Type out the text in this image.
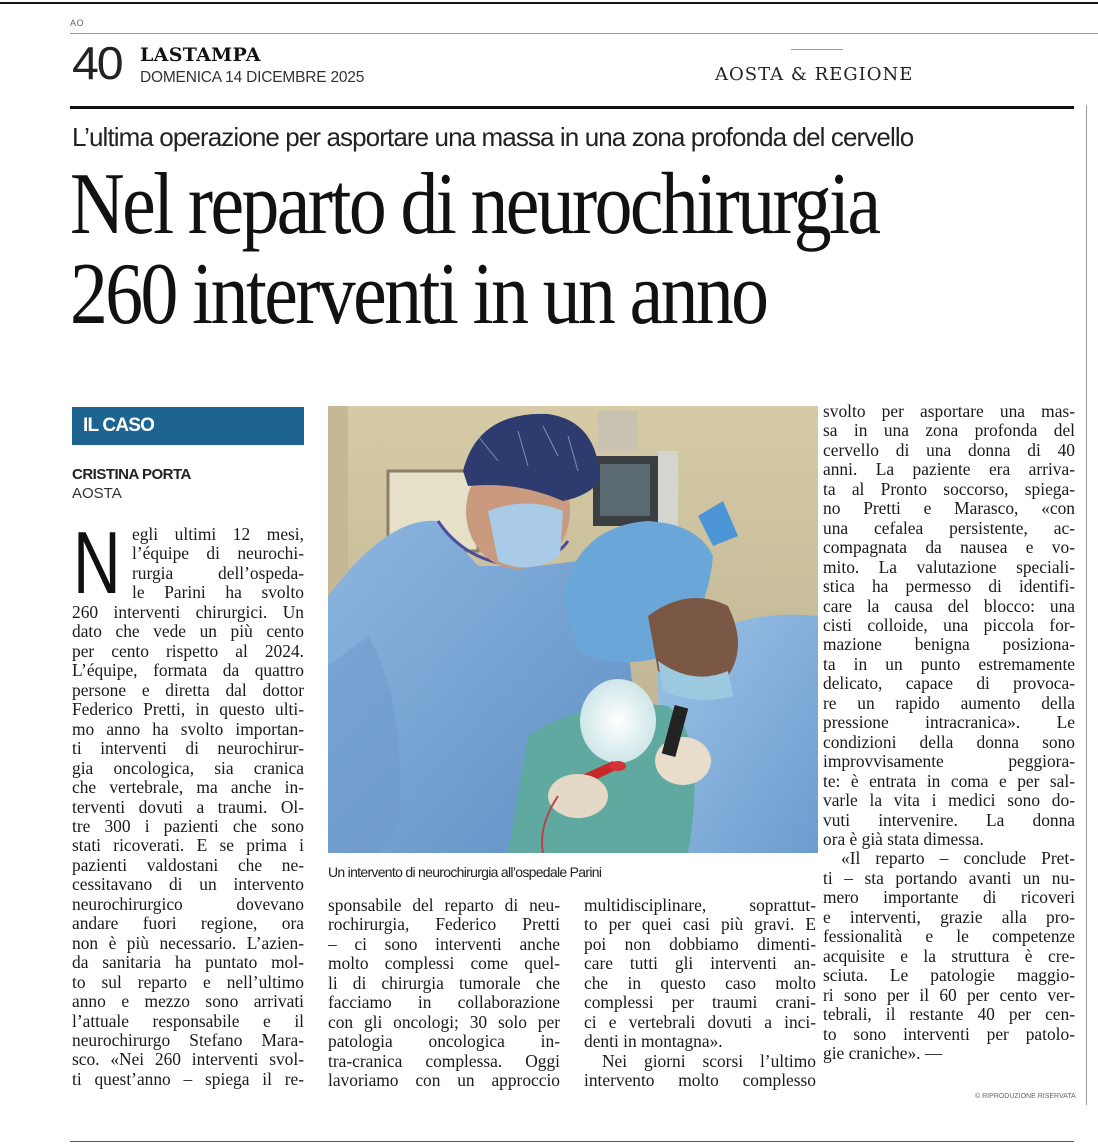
AO
40 LASTAMPA
DOMENICA 14 DICEMBRE 2025	AOSTA & REGIONE
L’ultima operazione per asportare una massa in una zona profonda del cervello
Nel reparto di neurochirurgia
260 interventi in un anno
IL CASO
CRISTINA PORTA
AOSTA
N egli ultimi 12 mesi,
l’équipe di neurochi-
rurgia dell’ospeda-
le Parini ha svolto
260 interventi chirurgici. Un
dato che vede un più cento
per cento rispetto al 2024.
L’équipe, formata da quattro
persone e diretta dal dottor
Federico Pretti, in questo ulti-
mo anno ha svolto importan-
ti interventi di neurochirur-
gia oncologica, sia cranica
che vertebrale, ma anche in-
terventi dovuti a traumi. Ol-
tre 300 i pazienti che sono
stati ricoverati. E se prima i
pazienti valdostani che ne-
cessitavano di un intervento
neurochirurgico dovevano
andare fuori regione, ora
non è più necessario. L’azien-
da sanitaria ha puntato mol-
to sul reparto e nell’ultimo
anno e mezzo sono arrivati
l’attuale responsabile e il
neurochirurgo Stefano Mara-
sco. «Nei 260 interventi svol-
ti quest’anno – spiega il re-
Un intervento di neurochirurgia all’ospedale Parini
sponsabile del reparto di neu-
rochirurgia, Federico Pretti
– ci sono interventi anche
molto complessi come quel-
li di chirurgia tumorale che
facciamo in collaborazione
con gli oncologi; 30 solo per
patologia oncologica in-
tra-cranica complessa. Oggi
lavoriamo con un approccio
multidisciplinare, soprattut-
to per quei casi più gravi. E
poi non dobbiamo dimenti-
care tutti gli interventi an-
che in questo caso molto
complessi per traumi crani-
ci e vertebrali dovuti a inci-
denti in montagna».
Nei giorni scorsi l’ultimo
intervento molto complesso
svolto per asportare una mas-
sa in una zona profonda del
cervello di una donna di 40
anni. La paziente era arriva-
ta al Pronto soccorso, spiega-
no Pretti e Marasco, «con
una cefalea persistente, ac-
compagnata da nausea e vo-
mito. La valutazione speciali-
stica ha permesso di identifi-
care la causa del blocco: una
cisti colloide, una piccola for-
mazione benigna posiziona-
ta in un punto estremamente
delicato, capace di provoca-
re un rapido aumento della
pressione intracranica». Le
condizioni della donna sono
improvvisamente peggiora-
te: è entrata in coma e per sal-
varle la vita i medici sono do-
vuti intervenire. La donna
ora è già stata dimessa.
«Il reparto – conclude Pret-
ti – sta portando avanti un nu-
mero importante di ricoveri
e interventi, grazie alla pro-
fessionalità e le competenze
acquisite e la struttura è cre-
sciuta. Le patologie maggio-
ri sono per il 60 per cento ver-
tebrali, il restante 40 per cen-
to sono interventi per patolo-
gie craniche». —
© RIPRODUZIONE RISERVATA
